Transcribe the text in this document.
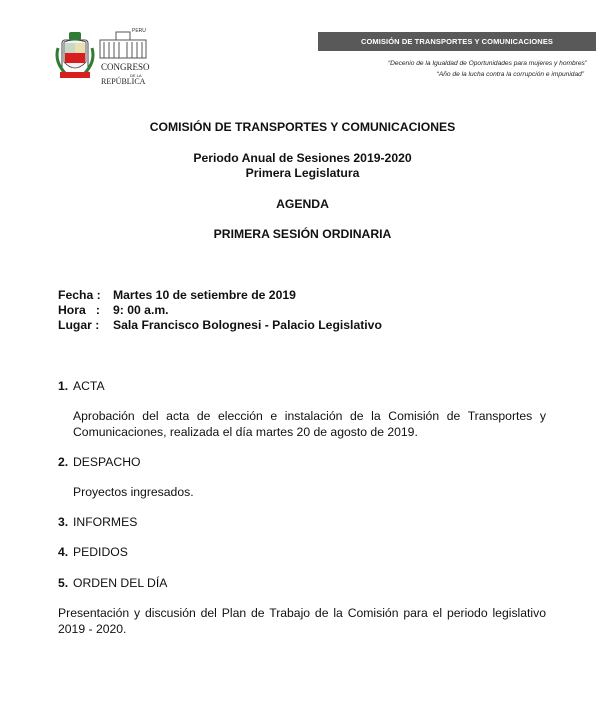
PERÚ
CONGRESO
DE LA
REPÚBLICA
COMISIÓN DE TRANSPORTES Y COMUNICACIONES
“Decenio de la Igualdad de Oportunidades para mujeres y hombres”
“Año de la lucha contra la corrupción e impunidad”
COMISIÓN DE TRANSPORTES Y COMUNICACIONES
Periodo Anual de Sesiones 2019-2020
Primera Legislatura
AGENDA
PRIMERA SESIÓN ORDINARIA
Fecha : Martes 10 de setiembre de 2019
Hora   : 9: 00 a.m.
Lugar : Sala Francisco Bolognesi - Palacio Legislativo
1. ACTA
Aprobación del acta de elección e instalación de la Comisión de Transportes y Comunicaciones, realizada el día martes 20 de agosto de 2019.
2. DESPACHO
Proyectos ingresados.
3. INFORMES
4. PEDIDOS
5. ORDEN DEL DÍA
Presentación y discusión del Plan de Trabajo de la Comisión para el periodo legislativo 2019 - 2020.
